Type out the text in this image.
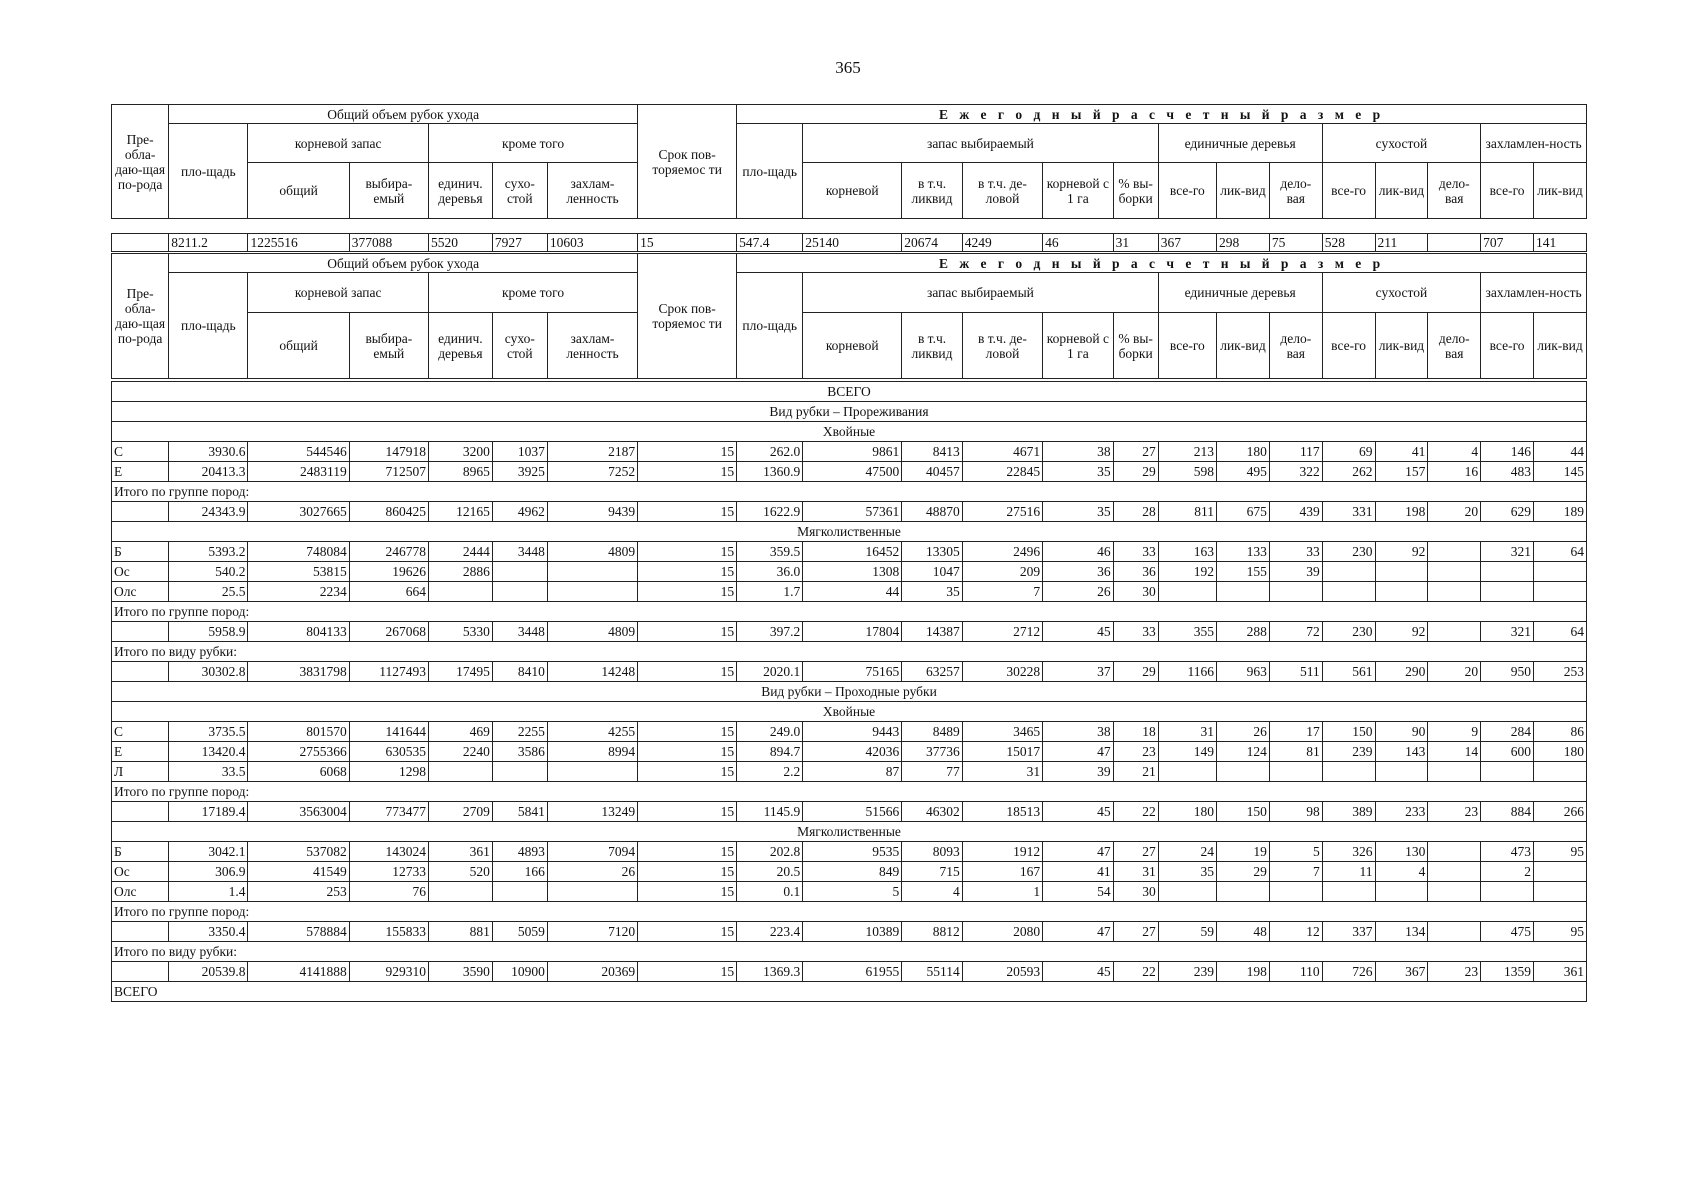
365
Пре-обла-даю-щая по-рода	Общий объем рубок ухода						Срок пов-торяемос ти	Е ж е г о д н ы й р а с ч е т н ы й р а з м е р													
	пло-щадь	корневой запас		кроме того				пло-щадь	запас выбираемый					единичные деревья			сухостой			захламлен-ность	
		общий	выбира-емый	единич. деревья	сухо-стой	захлам-ленность			корневой	в т.ч. ликвид	в т.ч. де-ловой	корневой с 1 га	% вы-борки	все-го	лик-вид	дело-вая	все-го	лик-вид	дело-вая	все-го	лик-вид
	8211.2	1225516	377088	5520	7927	10603	15	547.4	25140	20674	4249	46	31	367	298	75	528	211		707	141
Пре-обла-даю-щая по-рода	Общий объем рубок ухода						Срок пов-торяемос ти	Е ж е г о д н ы й р а с ч е т н ы й р а з м е р													
	пло-щадь	корневой запас		кроме того				пло-щадь	запас выбираемый					единичные деревья			сухостой			захламлен-ность	
		общий	выбира-емый	единич. деревья	сухо-стой	захлам-ленность			корневой	в т.ч. ликвид	в т.ч. де-ловой	корневой с 1 га	% вы-борки	все-го	лик-вид	дело-вая	все-го	лик-вид	дело-вая	все-го	лик-вид
ВСЕГО																					
Вид рубки – Прореживания																					
Хвойные																					
С	3930.6	544546	147918	3200	1037	2187	15	262.0	9861	8413	4671	38	27	213	180	117	69	41	4	146	44
Е	20413.3	2483119	712507	8965	3925	7252	15	1360.9	47500	40457	22845	35	29	598	495	322	262	157	16	483	145
Итого по группе пород:																					
	24343.9	3027665	860425	12165	4962	9439	15	1622.9	57361	48870	27516	35	28	811	675	439	331	198	20	629	189
Мягколиственные																					
Б	5393.2	748084	246778	2444	3448	4809	15	359.5	16452	13305	2496	46	33	163	133	33	230	92		321	64
Ос	540.2	53815	19626	2886			15	36.0	1308	1047	209	36	36	192	155	39					
Олс	25.5	2234	664				15	1.7	44	35	7	26	30								
Итого по группе пород:																					
	5958.9	804133	267068	5330	3448	4809	15	397.2	17804	14387	2712	45	33	355	288	72	230	92		321	64
Итого по виду рубки:																					
	30302.8	3831798	1127493	17495	8410	14248	15	2020.1	75165	63257	30228	37	29	1166	963	511	561	290	20	950	253
Вид рубки – Проходные рубки																					
Хвойные																					
С	3735.5	801570	141644	469	2255	4255	15	249.0	9443	8489	3465	38	18	31	26	17	150	90	9	284	86
Е	13420.4	2755366	630535	2240	3586	8994	15	894.7	42036	37736	15017	47	23	149	124	81	239	143	14	600	180
Л	33.5	6068	1298				15	2.2	87	77	31	39	21								
Итого по группе пород:																					
	17189.4	3563004	773477	2709	5841	13249	15	1145.9	51566	46302	18513	45	22	180	150	98	389	233	23	884	266
Мягколиственные																					
Б	3042.1	537082	143024	361	4893	7094	15	202.8	9535	8093	1912	47	27	24	19	5	326	130		473	95
Ос	306.9	41549	12733	520	166	26	15	20.5	849	715	167	41	31	35	29	7	11	4		2	
Олс	1.4	253	76				15	0.1	5	4	1	54	30								
Итого по группе пород:																					
	3350.4	578884	155833	881	5059	7120	15	223.4	10389	8812	2080	47	27	59	48	12	337	134		475	95
Итого по виду рубки:																					
	20539.8	4141888	929310	3590	10900	20369	15	1369.3	61955	55114	20593	45	22	239	198	110	726	367	23	1359	361
ВСЕГО																					
